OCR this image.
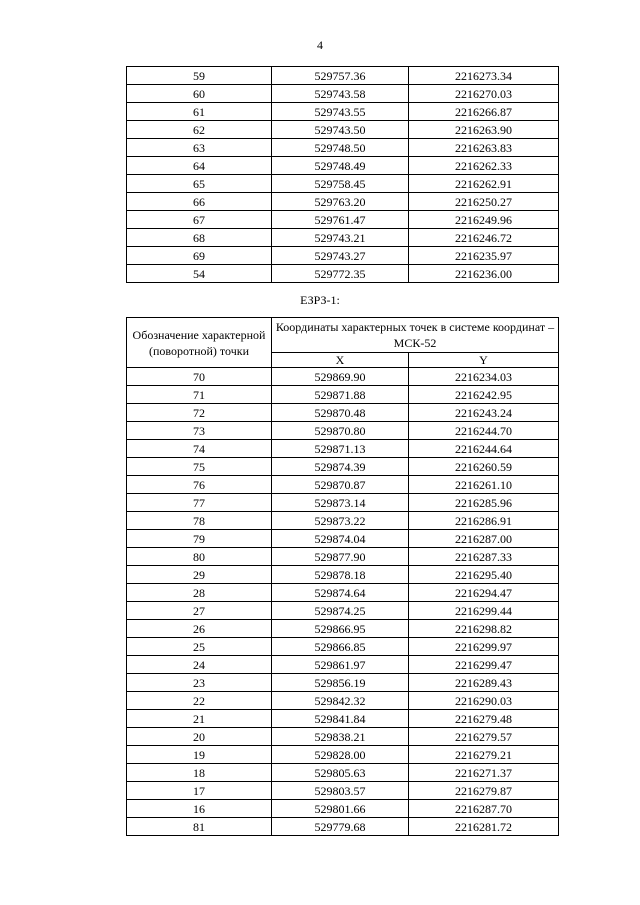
4
59	529757.36	2216273.34
60	529743.58	2216270.03
61	529743.55	2216266.87
62	529743.50	2216263.90
63	529748.50	2216263.83
64	529748.49	2216262.33
65	529758.45	2216262.91
66	529763.20	2216250.27
67	529761.47	2216249.96
68	529743.21	2216246.72
69	529743.27	2216235.97
54	529772.35	2216236.00
ЕЗРЗ-1:
Обозначение характерной (поворотной) точки	Координаты характерных точек в системе координат – МСК-52	
	X	Y
70	529869.90	2216234.03
71	529871.88	2216242.95
72	529870.48	2216243.24
73	529870.80	2216244.70
74	529871.13	2216244.64
75	529874.39	2216260.59
76	529870.87	2216261.10
77	529873.14	2216285.96
78	529873.22	2216286.91
79	529874.04	2216287.00
80	529877.90	2216287.33
29	529878.18	2216295.40
28	529874.64	2216294.47
27	529874.25	2216299.44
26	529866.95	2216298.82
25	529866.85	2216299.97
24	529861.97	2216299.47
23	529856.19	2216289.43
22	529842.32	2216290.03
21	529841.84	2216279.48
20	529838.21	2216279.57
19	529828.00	2216279.21
18	529805.63	2216271.37
17	529803.57	2216279.87
16	529801.66	2216287.70
81	529779.68	2216281.72
